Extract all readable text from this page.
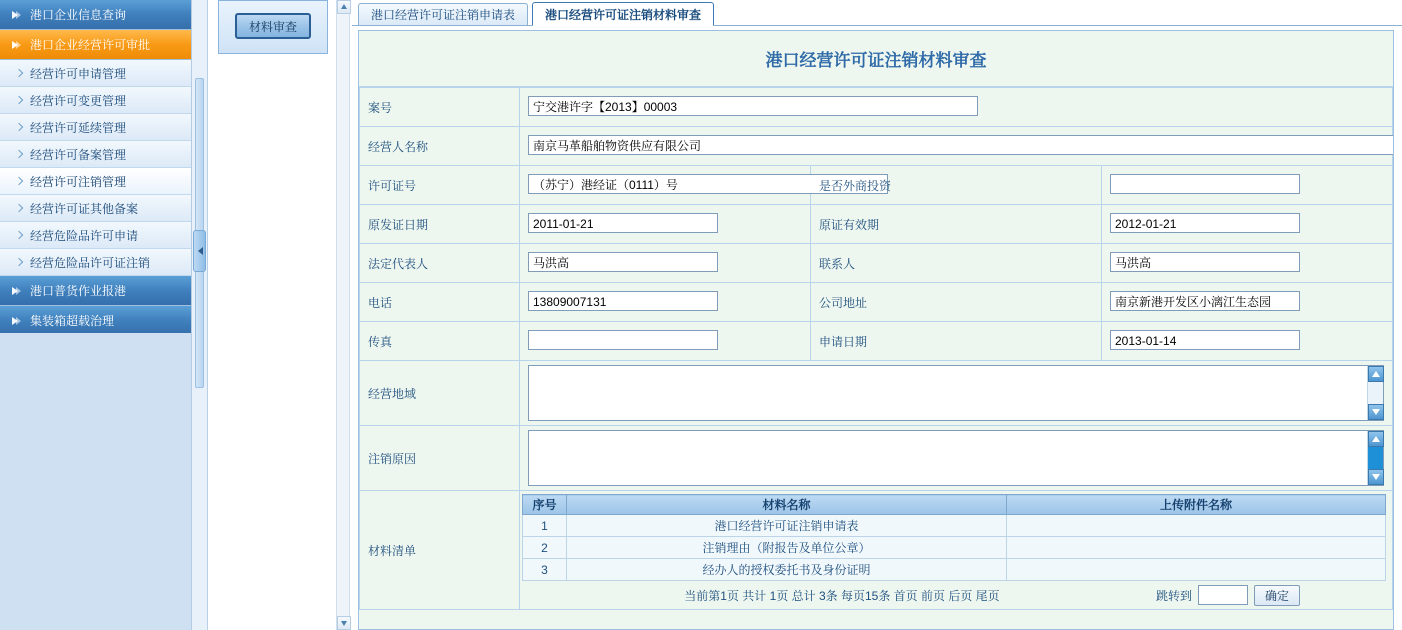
港口企业信息查询
港口企业经营许可审批
经营许可申请管理
经营许可变更管理
经营许可延续管理
经营许可备案管理
经营许可注销管理
经营许可证其他备案
经营危险品许可申请
经营危险品许可证注销
港口普货作业报港
集装箱超载治理
材料审查
港口经营许可证注销申请表	港口经营许可证注销材料审查
港口经营许可证注销材料审查
案号	宁交港许字【2013】00003
经营人名称	南京马革船舶物资供应有限公司
许可证号	（苏宁）港经证（0111）号	是否外商投资	
原发证日期	2011-01-21	原证有效期	2012-01-21
法定代表人	马洪高	联系人	马洪高
电话	13809007131	公司地址	南京新港开发区小漓江生态园
传真		申请日期	2013-01-14
经营地域	

注销原因	

材料清单	
序号	材料名称	上传附件名称
1	港口经营许可证注销申请表	
2	注销理由（附报告及单位公章）	
3	经办人的授权委托书及身份证明	
当前第1页 共计 1页 总计 3条 每页15条 首页 前页 后页 尾页	跳转到	确定
